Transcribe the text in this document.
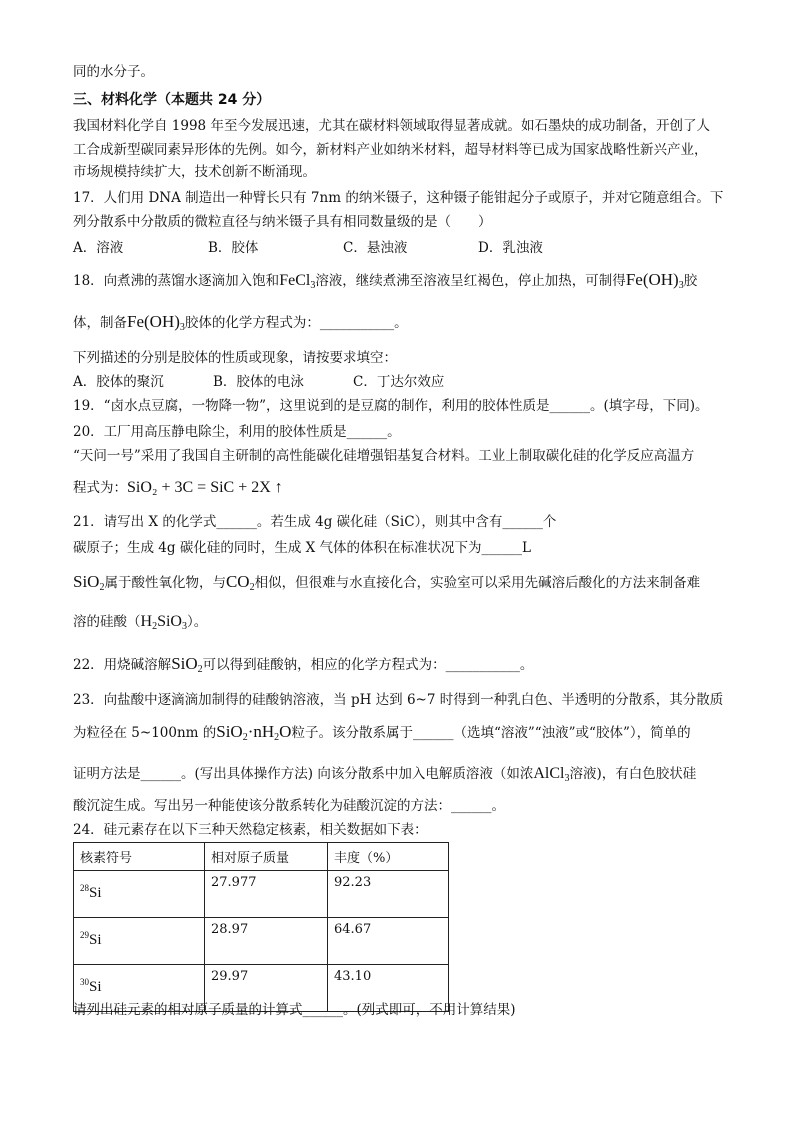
同的水分子。
三、材料化学（本题共 24 分）
我国材料化学自 1998 年至今发展迅速，尤其在碳材料领域取得显著成就。如石墨炔的成功制备，开创了人
工合成新型碳同素异形体的先例。如今，新材料产业如纳米材料，超导材料等已成为国家战略性新兴产业，
市场规模持续扩大，技术创新不断涌现。
17．人们用 DNA 制造出一种臂长只有 7nm 的纳米镊子，这种镊子能钳起分子或原子，并对它随意组合。下
列分散系中分散质的微粒直径与纳米镊子具有相同数量级的是（　　）
A．溶液	B．胶体	C．悬浊液	D．乳浊液
18．向煮沸的蒸馏水逐滴加入饱和FeCl$_3$溶液，继续煮沸至溶液呈红褐色，停止加热，可制得$Fe(OH)_3$胶
体，制备$Fe(OH)_3$胶体的化学方程式为：___________。
下列描述的分别是胶体的性质或现象，请按要求填空：
A．胶体的聚沉	B．胶体的电泳	C．丁达尔效应
19．“卤水点豆腐，一物降一物”，这里说到的是豆腐的制作，利用的胶体性质是______。(填字母，下同)。
20．工厂用高压静电除尘，利用的胶体性质是______。
“天问一号”采用了我国自主研制的高性能碳化硅增强铝基复合材料。工业上制取碳化硅的化学反应高温方
程式为：SiO₂ + 3C = SiC + 2X ↑
21．请写出 X 的化学式______。若生成 4g 碳化硅（SiC），则其中含有______个
碳原子；生成 4g 碳化硅的同时，生成 X 气体的体积在标准状况下为______L
SiO$_2$属于酸性氧化物，与$CO_2$相似，但很难与水直接化合，实验室可以采用先碱溶后酸化的方法来制备难
溶的硅酸$(H_2SiO_3)$。
22．用烧碱溶解SiO$_2$可以得到硅酸钠，相应的化学方程式为：___________。
23．向盐酸中逐滴滴加制得的硅酸钠溶液，当 pH 达到 6~7 时得到一种乳白色、半透明的分散系，其分散质
为粒径在 5~100nm 的$SiO_2\cdot nH_2O$粒子。该分散系属于______（选填“溶液”“浊液”或“胶体”），简单的
证明方法是______。(写出具体操作方法) 向该分散系中加入电解质溶液（如浓AlCl$_3$溶液)，有白色胶状硅
酸沉淀生成。写出另一种能使该分散系转化为硅酸沉淀的方法：______。
24．硅元素存在以下三种天然稳定核素，相关数据如下表：
核素符号	相对原子质量	丰度（%）
$^{28}$Si	27.977	92.23
$^{29}$Si	28.97	64.67
$^{30}$Si	29.97	43.10
请列出硅元素的相对原子质量的计算式______。(列式即可，不用计算结果)
